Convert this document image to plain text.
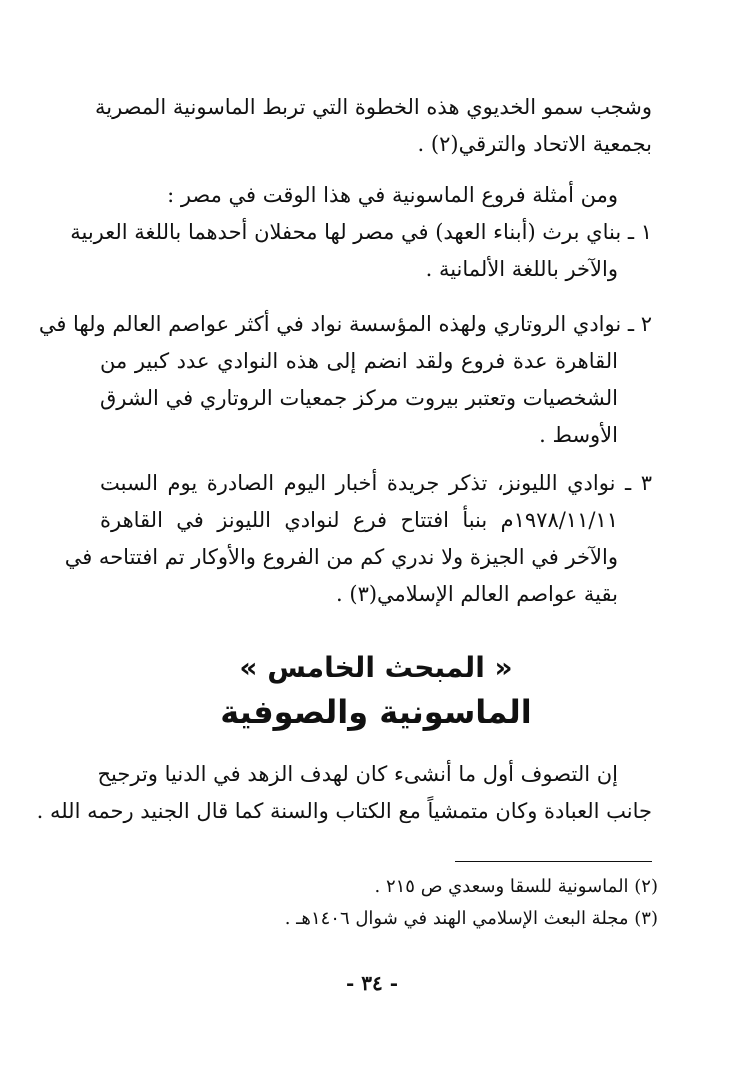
وشجب سمو الخديوي هذه الخطوة التي تربط الماسونية المصرية
بجمعية الاتحاد والترقي(٢) .
ومن أمثلة فروع الماسونية في هذا الوقت في مصر :
١ ـ بناي برث (أبناء العهد) في مصر لها محفلان أحدهما باللغة العربية
والآخر باللغة الألمانية .
٢ ـ نوادي الروتاري ولهذه المؤسسة نواد في أكثر عواصم العالم ولها في
القاهرة عدة فروع ولقد انضم إلى هذه النوادي عدد كبير من
الشخصيات وتعتبر بيروت مركز جمعيات الروتاري في الشرق
الأوسط .
٣ ـ نوادي الليونز، تذكر جريدة أخبار اليوم الصادرة يوم السبت
١٩٧٨/١١/١١م بنبأ افتتاح فرع لنوادي الليونز في القاهرة
والآخر في الجيزة ولا ندري كم من الفروع والأوكار تم افتتاحه في
بقية عواصم العالم الإسلامي(٣) .
« المبحث الخامس »
الماسونية والصوفية
إن التصوف أول ما أنشىء كان لهدف الزهد في الدنيا وترجيح
جانب العبادة وكان متمشياً مع الكتاب والسنة كما قال الجنيد رحمه الله .
(٢) الماسونية للسقا وسعدي ص ٢١٥ .
(٣) مجلة البعث الإسلامي الهند في شوال ١٤٠٦هـ .
- ٣٤ -
